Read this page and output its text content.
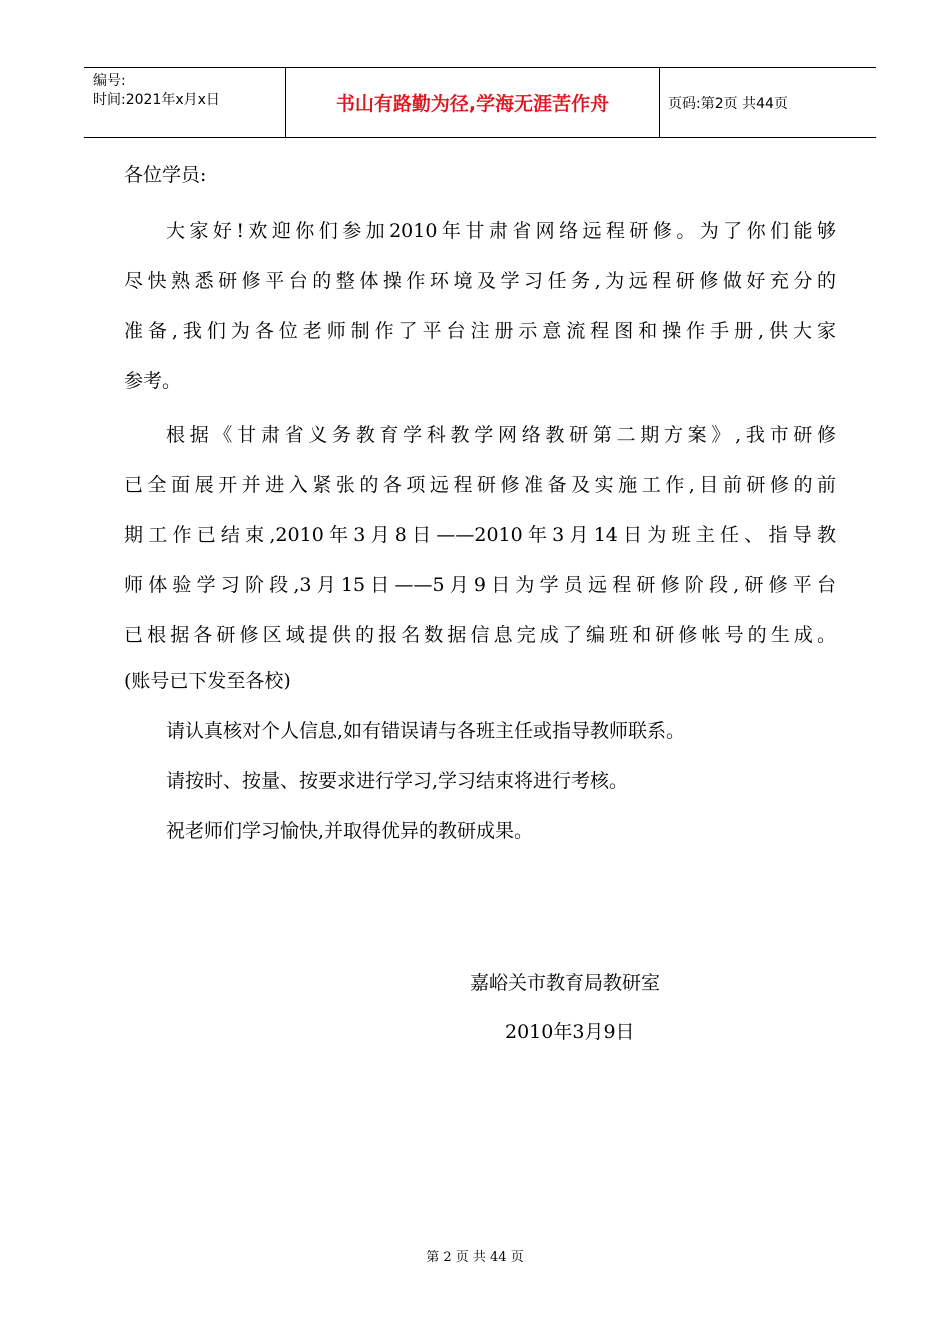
编号:
时间:2021年x月x日	书山有路勤为径,学海无涯苦作舟	页码:第2页 共44页
各位学员:
大家好!欢迎你们参加2010年甘肃省网络远程研修。为了你们能够
尽快熟悉研修平台的整体操作环境及学习任务,为远程研修做好充分的
准备,我们为各位老师制作了平台注册示意流程图和操作手册,供大家
参考。
根据《甘肃省义务教育学科教学网络教研第二期方案》,我市研修
已全面展开并进入紧张的各项远程研修准备及实施工作,目前研修的前
期工作已结束,2010年3月8日——2010年3月14日为班主任、指导教
师体验学习阶段,3月15日——5月9日为学员远程研修阶段,研修平台
已根据各研修区域提供的报名数据信息完成了编班和研修帐号的生成。
(账号已下发至各校)
请认真核对个人信息,如有错误请与各班主任或指导教师联系。
请按时、按量、按要求进行学习,学习结束将进行考核。
祝老师们学习愉快,并取得优异的教研成果。
嘉峪关市教育局教研室
2010年3月9日
第 2 页 共 44 页
